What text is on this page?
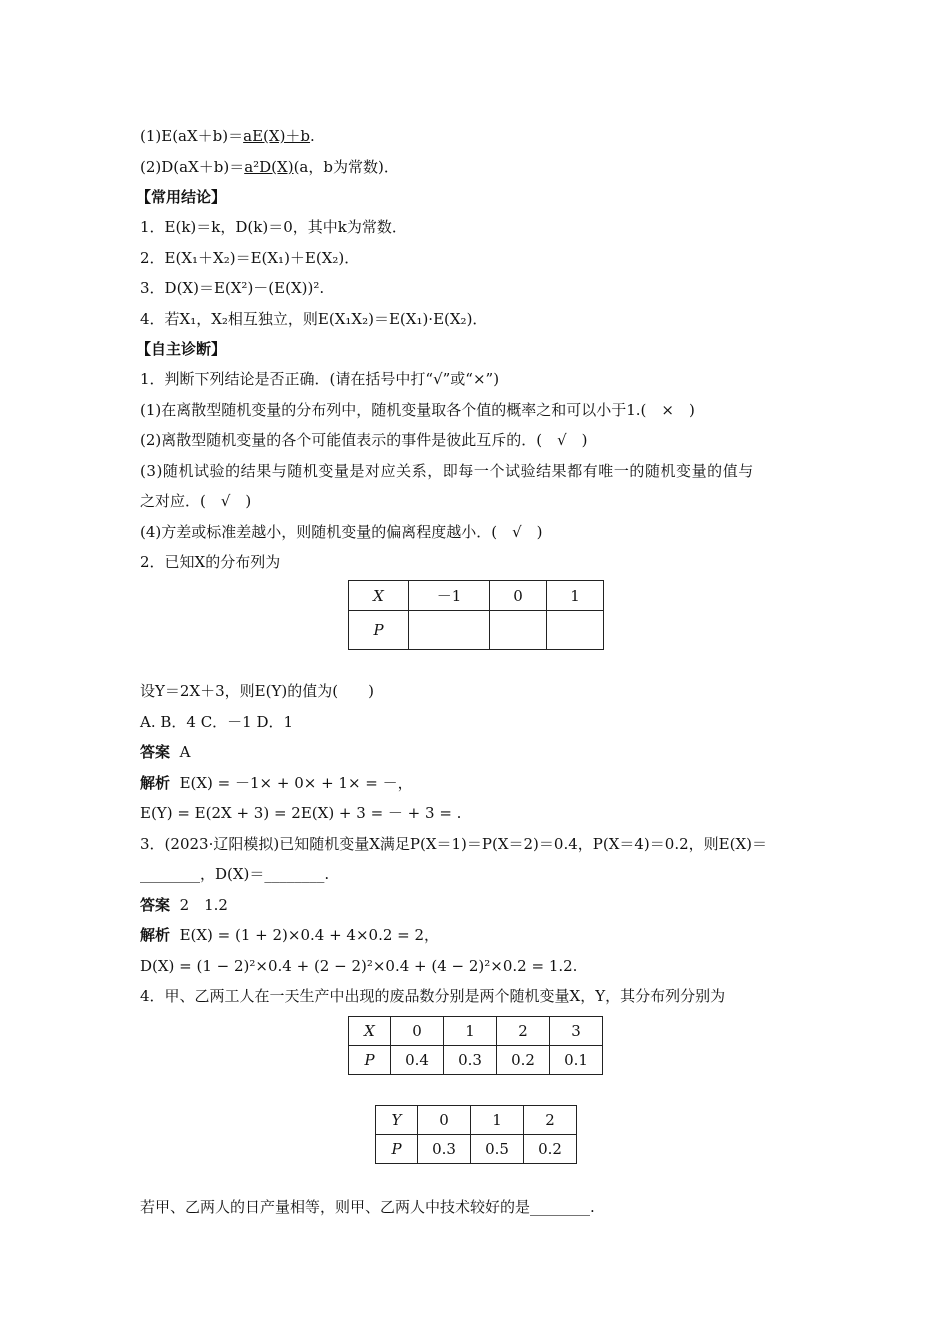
(1)E(aX＋b)＝aE(X)＋b.
(2)D(aX＋b)＝a²D(X)(a，b为常数)．
【常用结论】
1．E(k)＝k，D(k)＝0，其中k为常数．
2．E(X₁＋X₂)＝E(X₁)＋E(X₂)．
3．D(X)＝E(X²)－(E(X))².
4．若X₁，X₂相互独立，则E(X₁X₂)＝E(X₁)·E(X₂)．
【自主诊断】
1．判断下列结论是否正确．(请在括号中打“√”或“×”)
(1)在离散型随机变量的分布列中，随机变量取各个值的概率之和可以小于1.(　×　)
(2)离散型随机变量的各个可能值表示的事件是彼此互斥的．(　√　)
(3)随机试验的结果与随机变量是对应关系，即每一个试验结果都有唯一的随机变量的值与
之对应．(　√　)
(4)方差或标准差越小，则随机变量的偏离程度越小．(　√　)
2．已知X的分布列为
X	－1	0	1
P			
设Y＝2X＋3，则E(Y)的值为(　　)
A. B．4 C．－1 D．1
答案 A
解析 E(X) = －1× + 0× + 1× = －，
E(Y) = E(2X + 3) = 2E(X) + 3 = － + 3 = .
3．(2023·辽阳模拟)已知随机变量X满足P(X＝1)＝P(X＝2)＝0.4，P(X＝4)＝0.2，则E(X)＝
________，D(X)＝________.
答案 2　1.2
解析 E(X) = (1 + 2)×0.4 + 4×0.2 = 2，
D(X) = (1 − 2)²×0.4 + (2 − 2)²×0.4 + (4 − 2)²×0.2 = 1.2.
4．甲、乙两工人在一天生产中出现的废品数分别是两个随机变量X，Y，其分布列分别为
X	0	1	2	3
P	0.4	0.3	0.2	0.1
Y	0	1	2
P	0.3	0.5	0.2
若甲、乙两人的日产量相等，则甲、乙两人中技术较好的是________.
